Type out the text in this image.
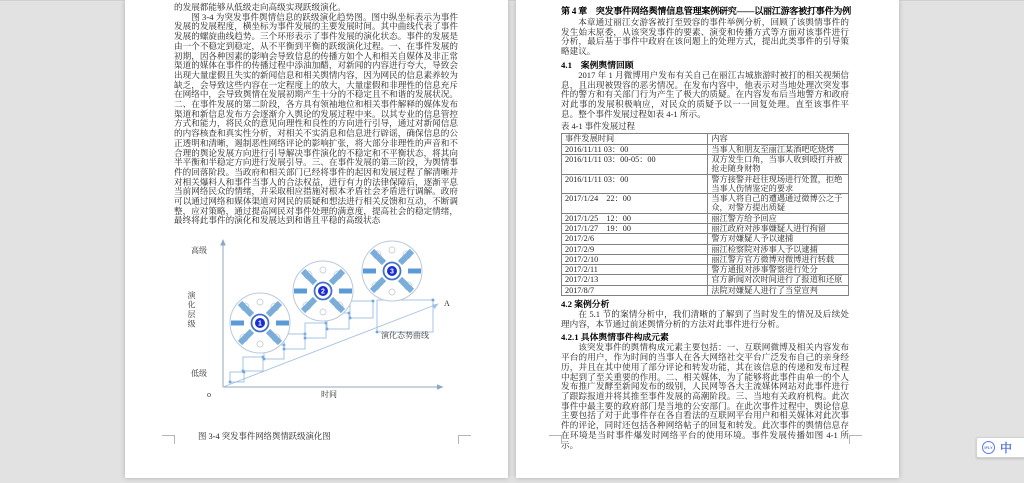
的发展都能够从低级走向高级实现跃级演化。

图 3-4 为突发事件舆情信息的跃级演化趋势图。图中纵坐标表示为事件发展的发展程度，横坐标为事件发展的主要发展时间。其中曲线代表了事件发展的螺旋曲线趋势。三个环形表示了事件发展的演化状态。事件的发展是由一个不稳定到稳定，从不平衡到平衡的跃级演化过程。一、在事件发展的初期，因各种因素的影响会导致信息的传播方如个人和相关自媒体及非正常渠道的媒体在事件的传播过程中添油加醋，对新闻的内容进行夸大，导致会出现大量虚假且失实的新闻信息和相关舆情内容，因为网民的信息素养较为缺乏，会导致这些内容在一定程度上的放大，大量虚假和非理性的信息充斥在网络中，会导致舆情在发展初期产生十分的不稳定且不和谐的发展状况。二、在事件发展的第二阶段，各方具有领袖地位和相关事件解释的媒体发布渠道和新信息发布方会逐渐介入舆论的发展过程中来。以其专业的信息管控方式和能力，将民众的意见向理性和良性的方向进行引导，通过对新闻信息的内容核查和真实性分析，对相关不实消息和信息进行辟谣，确保信息的公正透明和清晰，遏制恶性网络评论的影响扩张，将大部分非理性的声音和不合理的舆论发展方向进行引导解决事件演化的不稳定和不平衡状态，将其向半平衡和半稳定方向进行发展引导。三、在事件发展的第三阶段，为舆情事件的回落阶段。当政府和相关部门已经将事件的起因和发展过程了解清晰并对相关爆料人和事件当事人的合法权益，进行有力的法律保障后，逐渐平息当前网络民众的情绪，并采取相应措施对根本矛盾社会矛盾进行调解。政府可以通过网络和媒体渠道对网民的质疑和想法进行相关反馈和互动，不断调整，应对策略，通过提高网民对事件处理的满意度，提高社会的稳定情绪，最终将此事件的演化和发展达到和谐且平稳的高级状态

1
2
3
高级
演化层级
低级
o	时间
A
演化态势曲线

图 3-4 突发事件网络舆情跃级演化图

第 4 章　突发事件网络舆情信息管理案例研究——以丽江游客被打事件为例

本章通过丽江女游客被打至毁容的事件举例分析，回顾了该舆情事件的发生始末原委，从该突发事件的要素、演变和传播方式等方面对该事件进行分析，最后基于事件中政府在该问题上的处理方式，提出此类事件的引导策略建议。

4.1　案例舆情回顾

2017 年 1 月微博用户发布有关自己在丽江古城旅游时被打的相关视频信息，且出现被毁容的恶劣情况。在发布内容中，他表示对当地处理次突发事件的警方和有关部门行为产生了极大的质疑。在内容发布后当地警方和政府对此事的发展积极响应，对民众的质疑予以一一回复处理。直至该事件平息。整个事件发展过程如表 4-1 所示。

表 4-1 事件发展过程

事件发展时间	内容
2016/11/11 03：00	当事人和朋友至丽江某酒吧吃烧烤
2016/11/11 03：00-05：00	双方发生口角，当事人收到殴打并被抢走随身财物
2016/11/11 03：00	警方接警并赶往现场进行处置，拒绝当事人伤情鉴定的要求
2017/1/24　22：00	当事人将自己的遭遇通过微博公之于众，对警方提出质疑
2017/1/25　12：00	丽江警方给予回应
2017/1/27　19：00	丽江政府对涉事嫌疑人进行拘留
2017/2/6	警方对嫌疑人予以逮捕
2017/2/9	丽江检察院对涉事人予以逮捕
2017/2/10	丽江警方官方微博对微博进行转载
2017/2/11	警方通报对涉事警察进行处分
2017/2/13	官方新闻对次时间进行了报道和还原
2017/8/7	法院对嫌疑人进行了当堂宣判
4.2 案例分析

在 5.1 节的案情分析中，我们清晰的了解到了当时发生的情况及后续处理内容，本节通过前述舆情分析的方法对此事件进行分析。

4.2.1 具体舆情事件构成元素

该突发事件的舆情构成元素主要包括：一、互联网微博及相关内容发布平台的用户，作为时间的当事人在各大网络社交平台广泛发布自己的亲身经历，并且在其中使用了部分评论和转发功能，其在该信息的传递和发布过程中起到了至关重要的作用。二、相关媒体，为了能够将此事件由单一的个人发布推广发酵至新闻发布的级别，人民网等各大主流媒体网站对此事件进行了跟踪报道并将其推至事件发展的高潮阶段。三、当地有关政府机构。此次事件中最主要的政府部门是当地的公安部门。在此次事件过程中，舆论信息主要包括了对于此事件存在各自看法的互联网平台用户和相关媒体对此次事件的评论，同时还包括各种网络帖子的回复和转发。此次事件的舆情信息存在环境是当时事件爆发时网络平台的使用环境。事件发展传播如图 4-1 所示。	iFLY 中
